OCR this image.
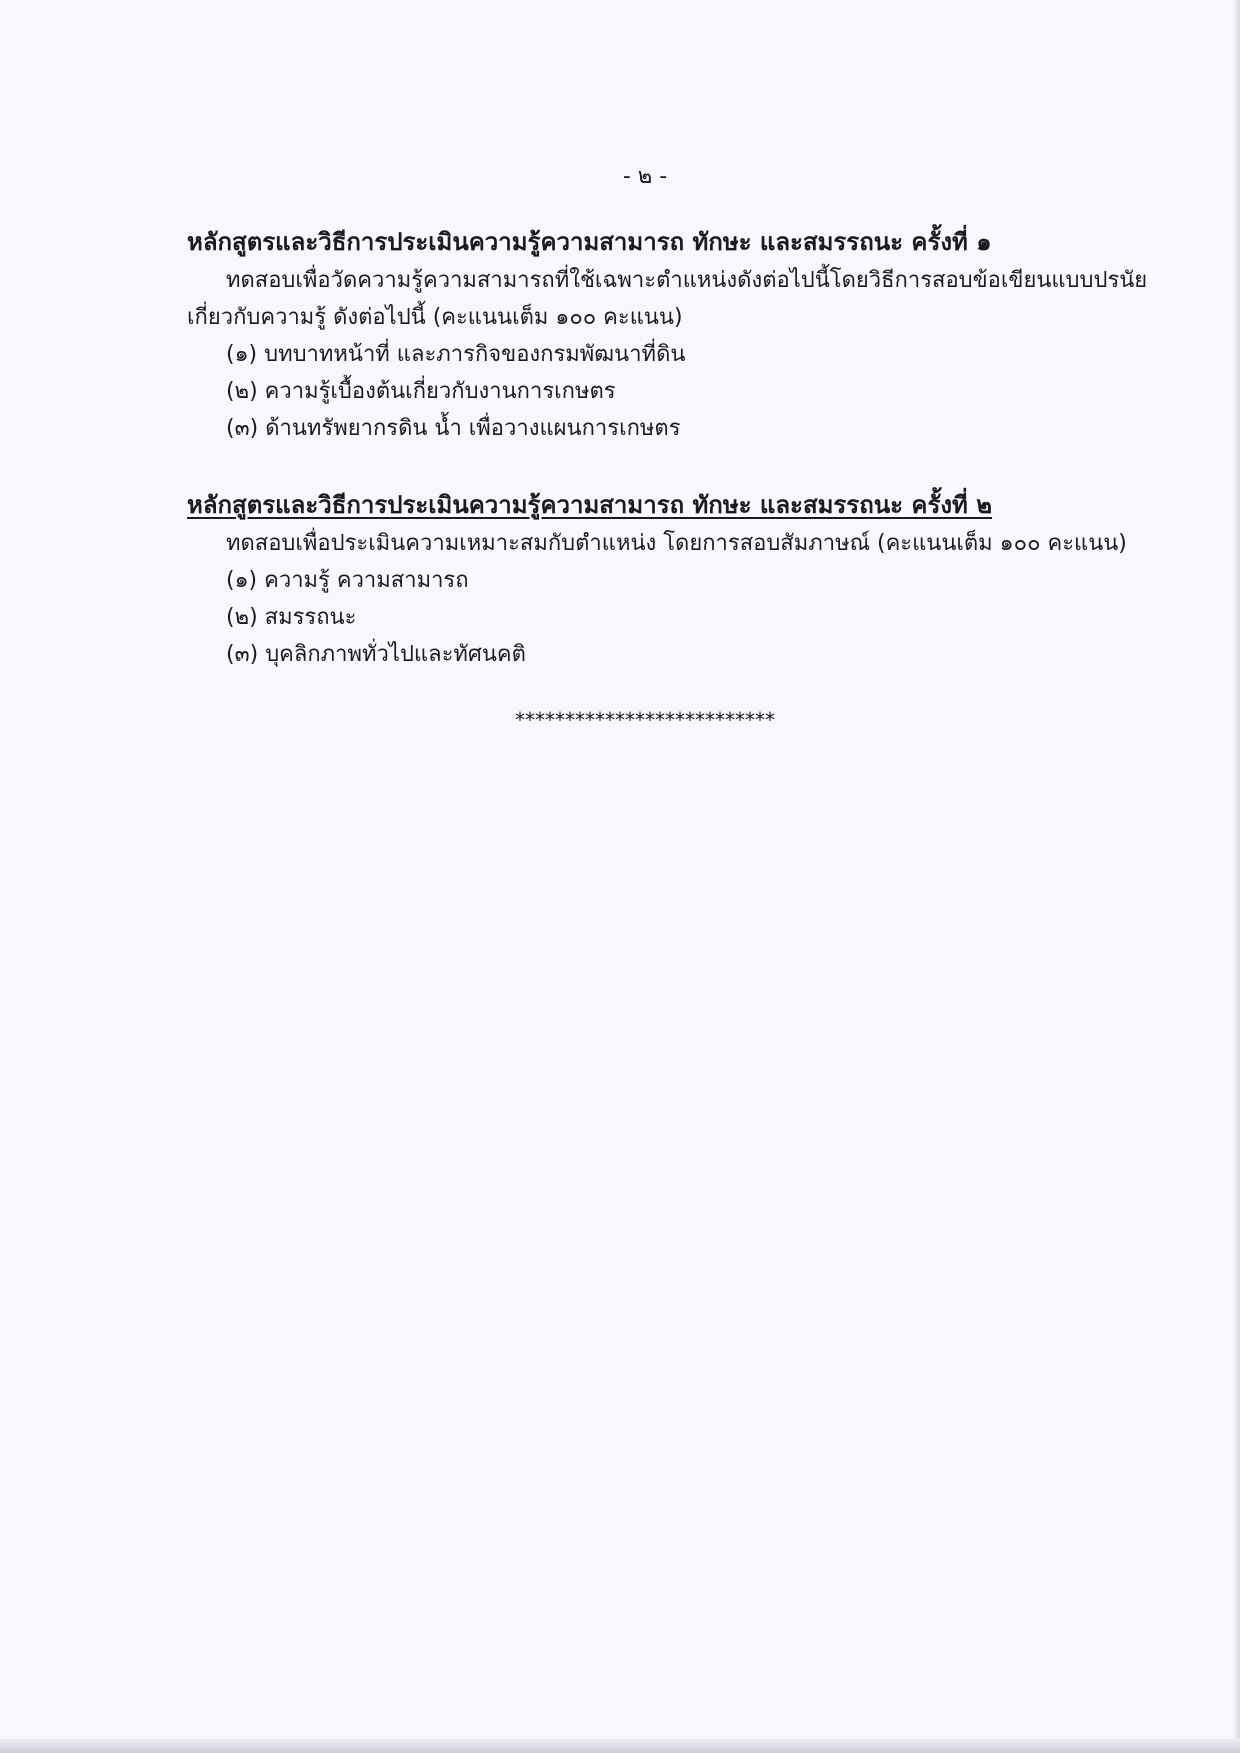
- ๒ -
หลักสูตรและวิธีการประเมินความรู้ความสามารถ ทักษะ และสมรรถนะ ครั้งที่ ๑
ทดสอบเพื่อวัดความรู้ความสามารถที่ใช้เฉพาะตำแหน่งดังต่อไปนี้โดยวิธีการสอบข้อเขียนแบบปรนัย
เกี่ยวกับความรู้ ดังต่อไปนี้ (คะแนนเต็ม ๑๐๐ คะแนน)
(๑) บทบาทหน้าที่ และภารกิจของกรมพัฒนาที่ดิน
(๒) ความรู้เบื้องต้นเกี่ยวกับงานการเกษตร
(๓) ด้านทรัพยากรดิน น้ำ เพื่อวางแผนการเกษตร
หลักสูตรและวิธีการประเมินความรู้ความสามารถ ทักษะ และสมรรถนะ ครั้งที่ ๒
ทดสอบเพื่อประเมินความเหมาะสมกับตำแหน่ง โดยการสอบสัมภาษณ์ (คะแนนเต็ม ๑๐๐ คะแนน)
(๑) ความรู้ ความสามารถ
(๒) สมรรถนะ
(๓) บุคลิกภาพทั่วไปและทัศนคติ
**************************
